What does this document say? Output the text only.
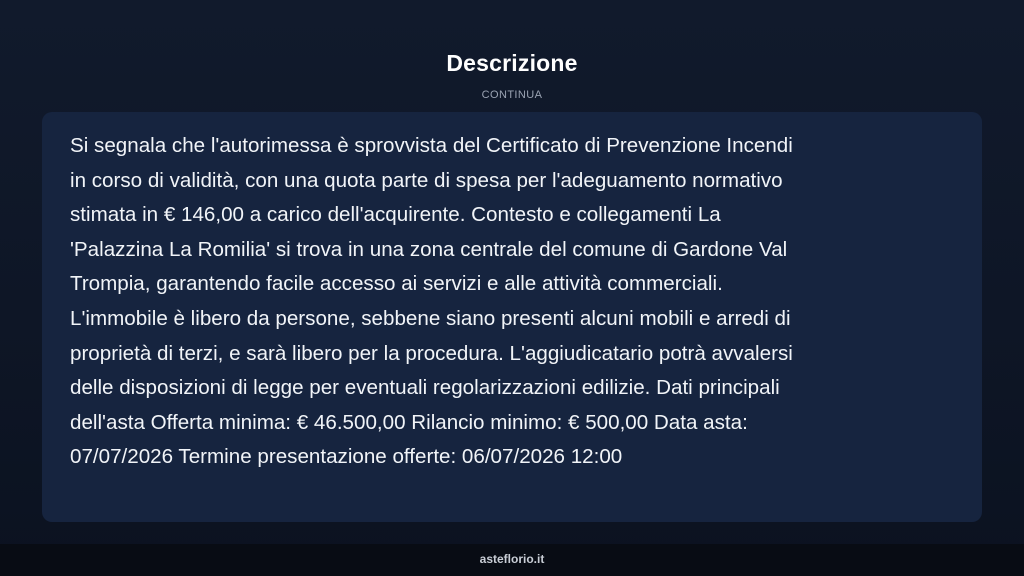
Descrizione
CONTINUA

Si segnala che l'autorimessa è sprovvista del Certificato di Prevenzione Incendi
in corso di validità, con una quota parte di spesa per l'adeguamento normativo
stimata in € 146,00 a carico dell'acquirente. Contesto e collegamenti La
'Palazzina La Romilia' si trova in una zona centrale del comune di Gardone Val
Trompia, garantendo facile accesso ai servizi e alle attività commerciali.
L'immobile è libero da persone, sebbene siano presenti alcuni mobili e arredi di
proprietà di terzi, e sarà libero per la procedura. L'aggiudicatario potrà avvalersi
delle disposizioni di legge per eventuali regolarizzazioni edilizie. Dati principali
dell'asta Offerta minima: € 46.500,00 Rilancio minimo: € 500,00 Data asta:
07/07/2026 Termine presentazione offerte: 06/07/2026 12:00

asteflorio.it
